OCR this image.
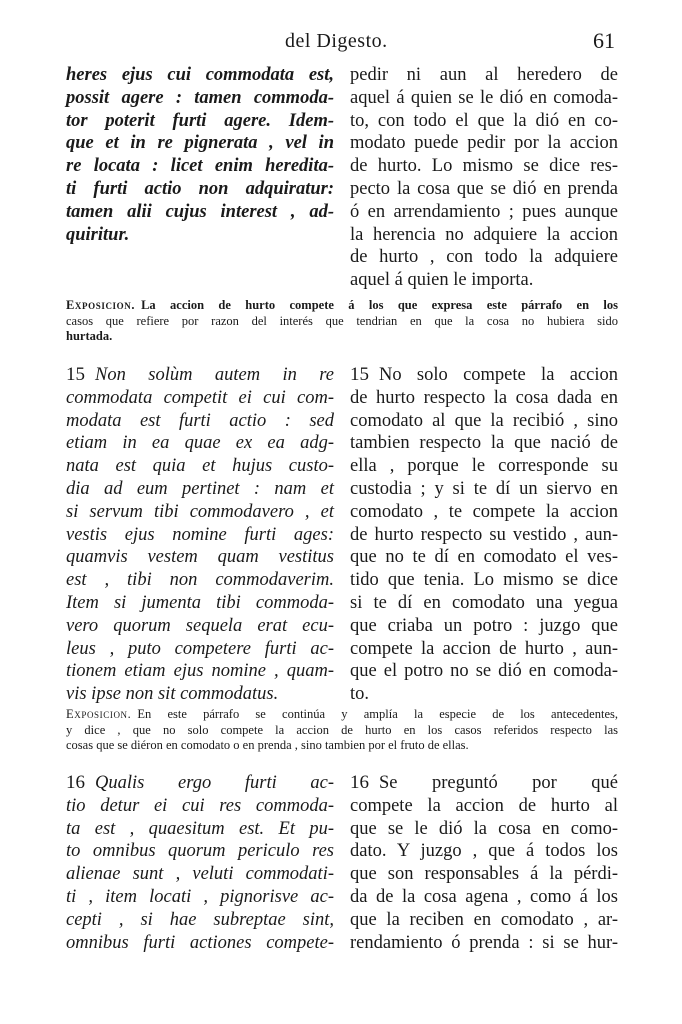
del Digesto.	61
heres ejus cui commodata est,
possit agere : tamen commoda-
tor poterit furti agere. Idem-
que et in re pignerata , vel in
re locata : licet enim heredita-
ti furti actio non adquiratur:
tamen alii cujus interest , ad-
quiritur.
pedir ni aun al heredero de
aquel á quien se le dió en comoda-
to, con todo el que la dió en co-
modato puede pedir por la accion
de hurto. Lo mismo se dice res-
pecto la cosa que se dió en prenda
ó en arrendamiento ; pues aunque
la herencia no adquiere la accion
de hurto , con todo la adquiere
aquel á quien le importa.
Exposicion. La accion de hurto compete á los que expresa este párrafo en los
casos que refiere por razon del interés que tendrian en que la cosa no hubiera sido
hurtada.
15 Non solùm autem in re
commodata competit ei cui com-
modata est furti actio : sed
etiam in ea quae ex ea adg-
nata est quia et hujus custo-
dia ad eum pertinet : nam et
si servum tibi commodavero , et
vestis ejus nomine furti ages:
quamvis vestem quam vestitus
est , tibi non commodaverim.
Item si jumenta tibi commoda-
vero quorum sequela erat ecu-
leus , puto competere furti ac-
tionem etiam ejus nomine , quam-
vis ipse non sit commodatus.
15 No solo compete la accion
de hurto respecto la cosa dada en
comodato al que la recibió , sino
tambien respecto la que nació de
ella , porque le corresponde su
custodia ; y si te dí un siervo en
comodato , te compete la accion
de hurto respecto su vestido , aun-
que no te dí en comodato el ves-
tido que tenia. Lo mismo se dice
si te dí en comodato una yegua
que criaba un potro : juzgo que
compete la accion de hurto , aun-
que el potro no se dió en comoda-
to.
Exposicion. En este párrafo se continúa y amplía la especie de los antecedentes,
y dice , que no solo compete la accion de hurto en los casos referidos respecto las
cosas que se diéron en comodato o en prenda , sino tambien por el fruto de ellas.
16 Qualis ergo furti ac-
tio detur ei cui res commoda-
ta est , quaesitum est. Et pu-
to omnibus quorum periculo res
alienae sunt , veluti commodati-
ti , item locati , pignorisve ac-
cepti , si hae subreptae sint,
omnibus furti actiones compete-
16 Se preguntó por qué
compete la accion de hurto al
que se le dió la cosa en como-
dato. Y juzgo , que á todos los
que son responsables á la pérdi-
da de la cosa agena , como á los
que la reciben en comodato , ar-
rendamiento ó prenda : si se hur-
